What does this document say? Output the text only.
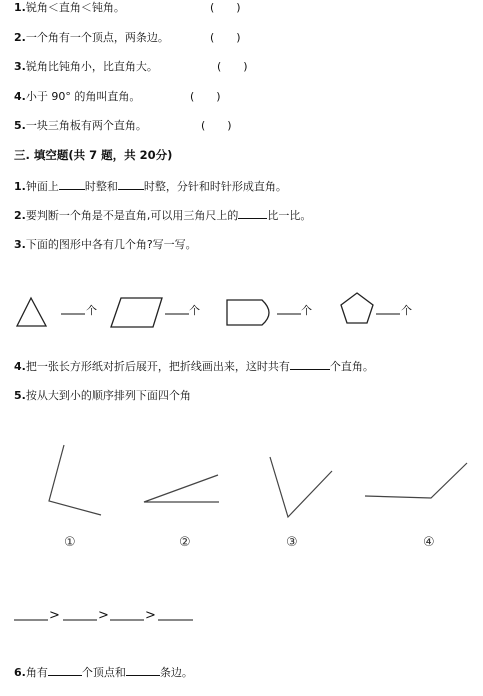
1.锐角＜直角＜钝角。	(　　)
2.一个角有一个顶点，两条边。	(　　)
3.锐角比钝角小，比直角大。	(　　)
4.小于 90° 的角叫直角。	(　　)
5.一块三角板有两个直角。	(　　)
三. 填空题(共 7 题，共 20分)
1.钟面上 时整和 时整，分针和时针形成直角。
2.要判断一个角是不是直角,可以用三角尺上的	比一比。
3.下面的图形中各有几个角?写一写。
4.把一张长方形纸对折后展开，把折线画出来，这时共有	个直角。
5.按从大到小的顺序排列下面四个角
6.角有	个顶点和	条边。
个	个	个	个
①	②	③	④
>	>	>
